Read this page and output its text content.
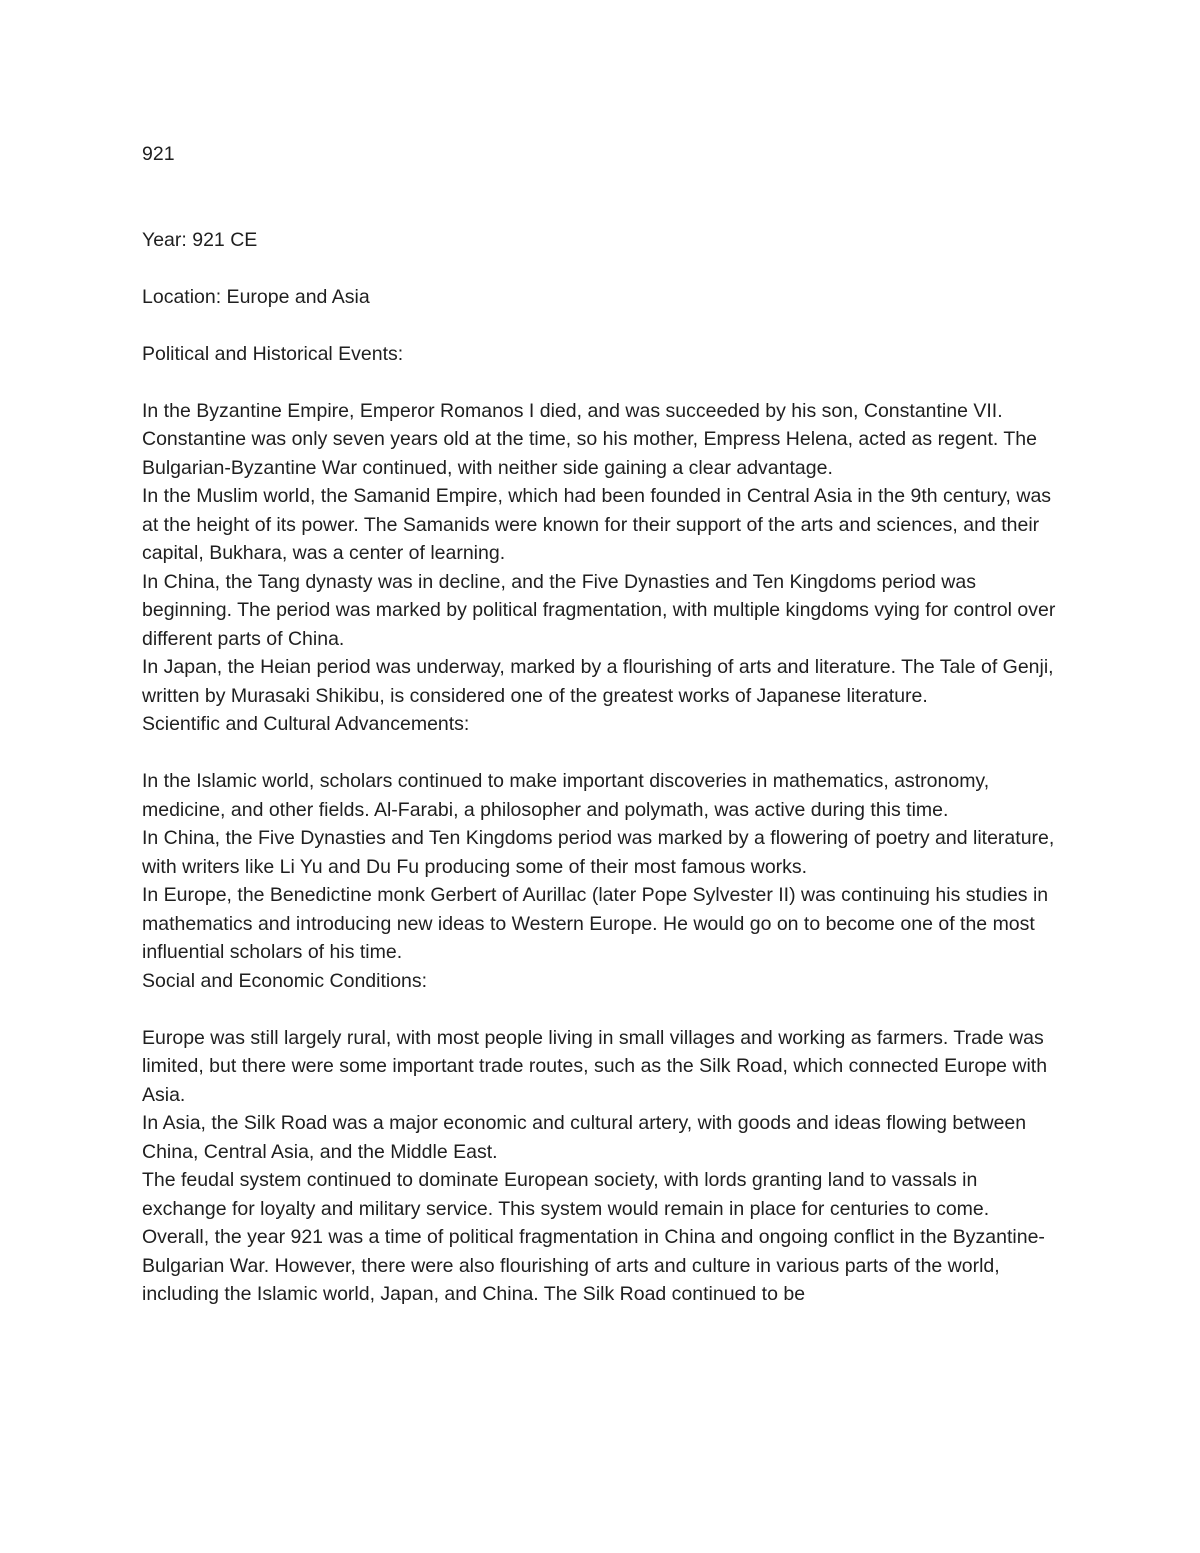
921

Year: 921 CE

Location: Europe and Asia

Political and Historical Events:

In the Byzantine Empire, Emperor Romanos I died, and was succeeded by his son, Constantine VII. Constantine was only seven years old at the time, so his mother, Empress Helena, acted as regent. The Bulgarian-Byzantine War continued, with neither side gaining a clear advantage.

In the Muslim world, the Samanid Empire, which had been founded in Central Asia in the 9th century, was at the height of its power. The Samanids were known for their support of the arts and sciences, and their capital, Bukhara, was a center of learning.

In China, the Tang dynasty was in decline, and the Five Dynasties and Ten Kingdoms period was beginning. The period was marked by political fragmentation, with multiple kingdoms vying for control over different parts of China.

In Japan, the Heian period was underway, marked by a flourishing of arts and literature. The Tale of Genji, written by Murasaki Shikibu, is considered one of the greatest works of Japanese literature.

Scientific and Cultural Advancements:

In the Islamic world, scholars continued to make important discoveries in mathematics, astronomy, medicine, and other fields. Al-Farabi, a philosopher and polymath, was active during this time.

In China, the Five Dynasties and Ten Kingdoms period was marked by a flowering of poetry and literature, with writers like Li Yu and Du Fu producing some of their most famous works.

In Europe, the Benedictine monk Gerbert of Aurillac (later Pope Sylvester II) was continuing his studies in mathematics and introducing new ideas to Western Europe. He would go on to become one of the most influential scholars of his time.

Social and Economic Conditions:

Europe was still largely rural, with most people living in small villages and working as farmers. Trade was limited, but there were some important trade routes, such as the Silk Road, which connected Europe with Asia.

In Asia, the Silk Road was a major economic and cultural artery, with goods and ideas flowing between China, Central Asia, and the Middle East.

The feudal system continued to dominate European society, with lords granting land to vassals in exchange for loyalty and military service. This system would remain in place for centuries to come.

Overall, the year 921 was a time of political fragmentation in China and ongoing conflict in the Byzantine-Bulgarian War. However, there were also flourishing of arts and culture in various parts of the world, including the Islamic world, Japan, and China. The Silk Road continued to be
